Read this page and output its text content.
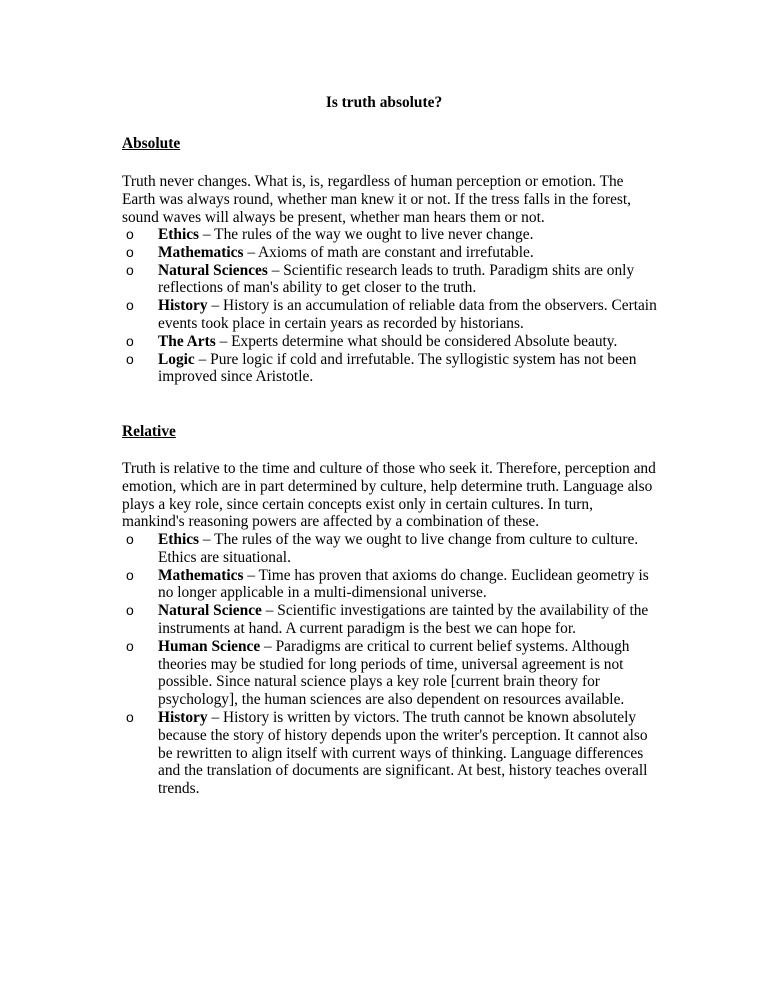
Is truth absolute?

Absolute

Truth never changes. What is, is, regardless of human perception or emotion. The Earth was always round, whether man knew it or not. If the tress falls in the forest, sound waves will always be present, whether man hears them or not.

o Ethics – The rules of the way we ought to live never change.
o Mathematics – Axioms of math are constant and irrefutable.
o Natural Sciences – Scientific research leads to truth. Paradigm shits are only reflections of man's ability to get closer to the truth.
o History – History is an accumulation of reliable data from the observers. Certain events took place in certain years as recorded by historians.
o The Arts – Experts determine what should be considered Absolute beauty.
o Logic – Pure logic if cold and irrefutable. The syllogistic system has not been improved since Aristotle.

Relative

Truth is relative to the time and culture of those who seek it. Therefore, perception and emotion, which are in part determined by culture, help determine truth. Language also plays a key role, since certain concepts exist only in certain cultures. In turn, mankind's reasoning powers are affected by a combination of these.

o Ethics – The rules of the way we ought to live change from culture to culture. Ethics are situational.
o Mathematics – Time has proven that axioms do change. Euclidean geometry is no longer applicable in a multi-dimensional universe.
o Natural Science – Scientific investigations are tainted by the availability of the instruments at hand. A current paradigm is the best we can hope for.
o Human Science – Paradigms are critical to current belief systems. Although theories may be studied for long periods of time, universal agreement is not possible. Since natural science plays a key role [current brain theory for psychology], the human sciences are also dependent on resources available.
o History – History is written by victors. The truth cannot be known absolutely because the story of history depends upon the writer's perception. It cannot also be rewritten to align itself with current ways of thinking. Language differences and the translation of documents are significant. At best, history teaches overall trends.
